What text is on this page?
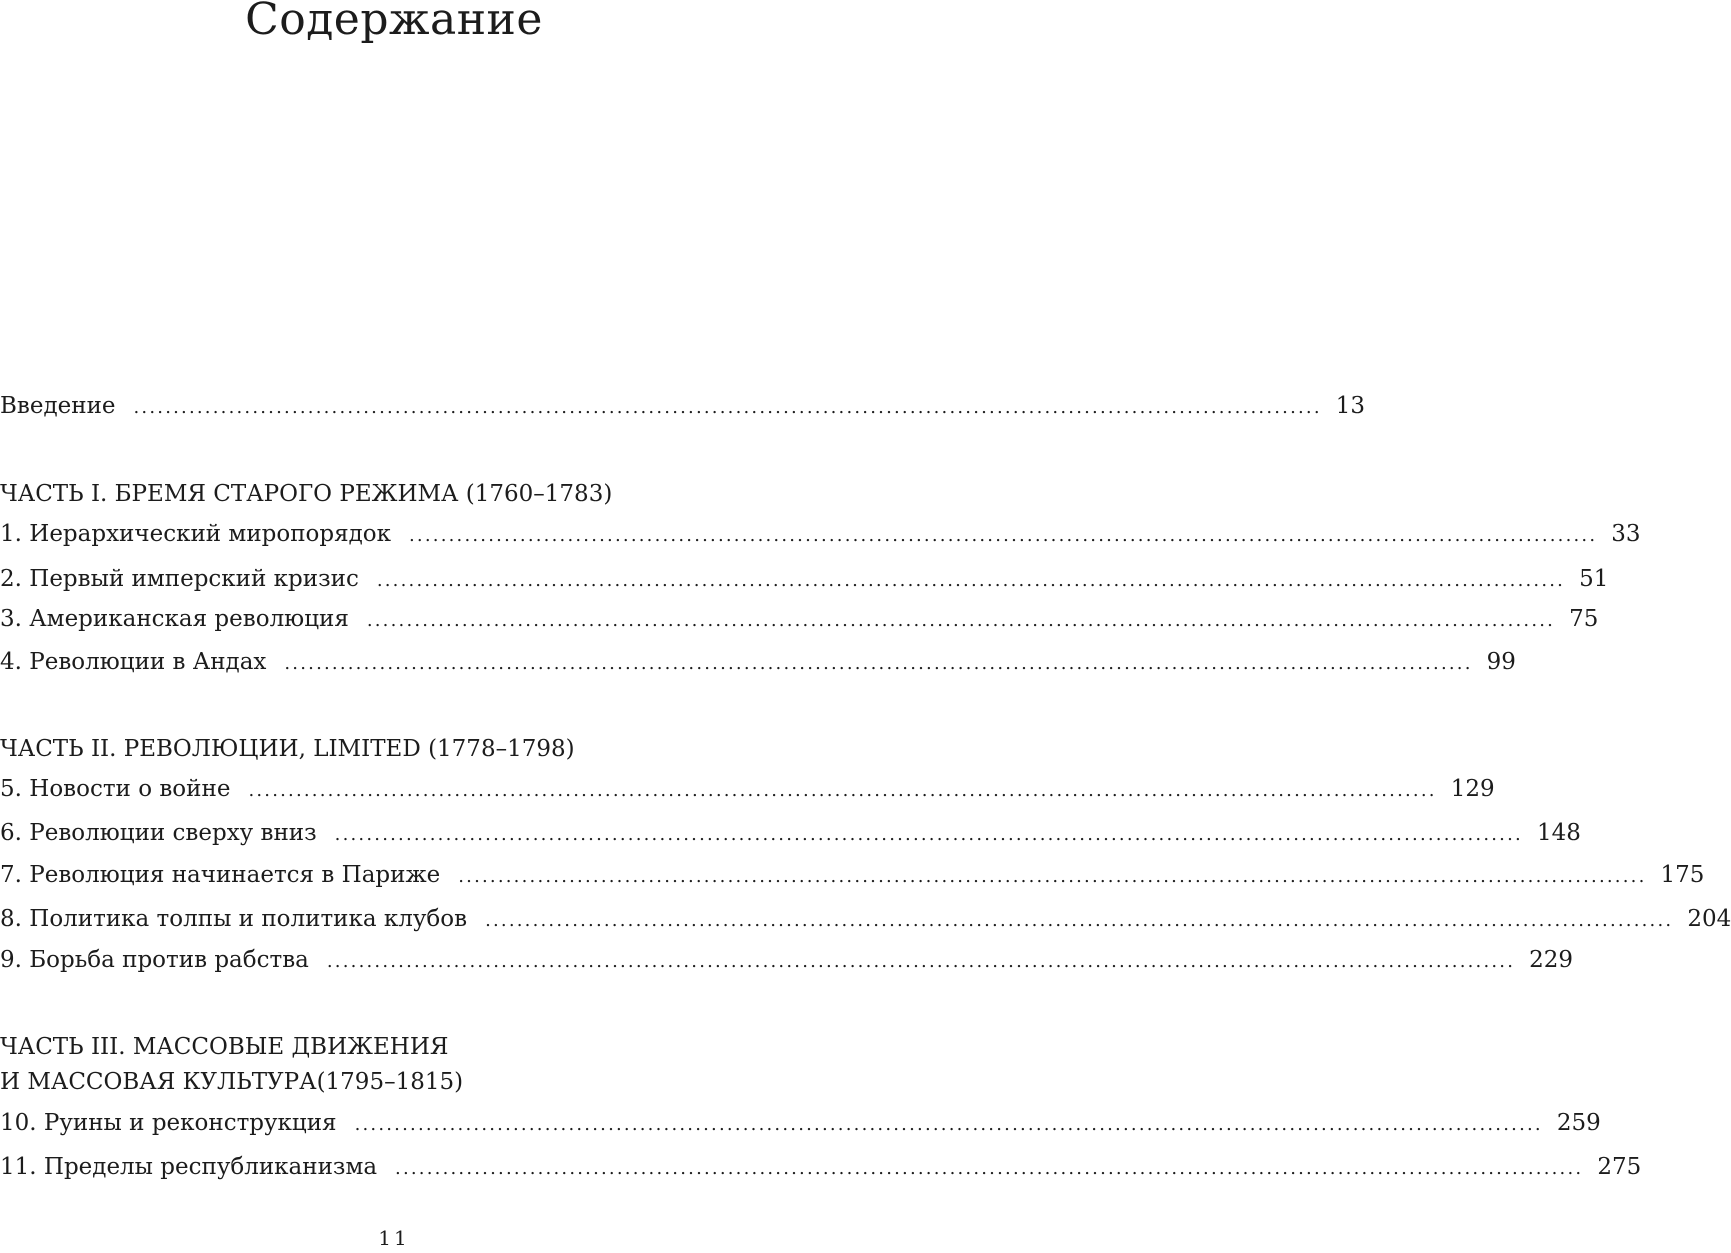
Содержание
Введение ...................................................................................................................................................... 13
ЧАСТЬ I. БРЕМЯ СТАРОГО РЕЖИМА (1760–1783)
1. Иерархический миропорядок ...................................................................................................................................................... 33
2. Первый имперский кризис ...................................................................................................................................................... 51
3. Американская революция ...................................................................................................................................................... 75
4. Революции в Андах ...................................................................................................................................................... 99
ЧАСТЬ II. РЕВОЛЮЦИИ, LIMITED (1778–1798)
5. Новости о войне ...................................................................................................................................................... 129
6. Революции сверху вниз ...................................................................................................................................................... 148
7. Революция начинается в Париже ...................................................................................................................................................... 175
8. Политика толпы и политика клубов ...................................................................................................................................................... 204
9. Борьба против рабства ...................................................................................................................................................... 229
ЧАСТЬ III. МАССОВЫЕ ДВИЖЕНИЯ
И МАССОВАЯ КУЛЬТУРА(1795–1815)
10. Руины и реконструкция ...................................................................................................................................................... 259
11. Пределы республиканизма ...................................................................................................................................................... 275
11
